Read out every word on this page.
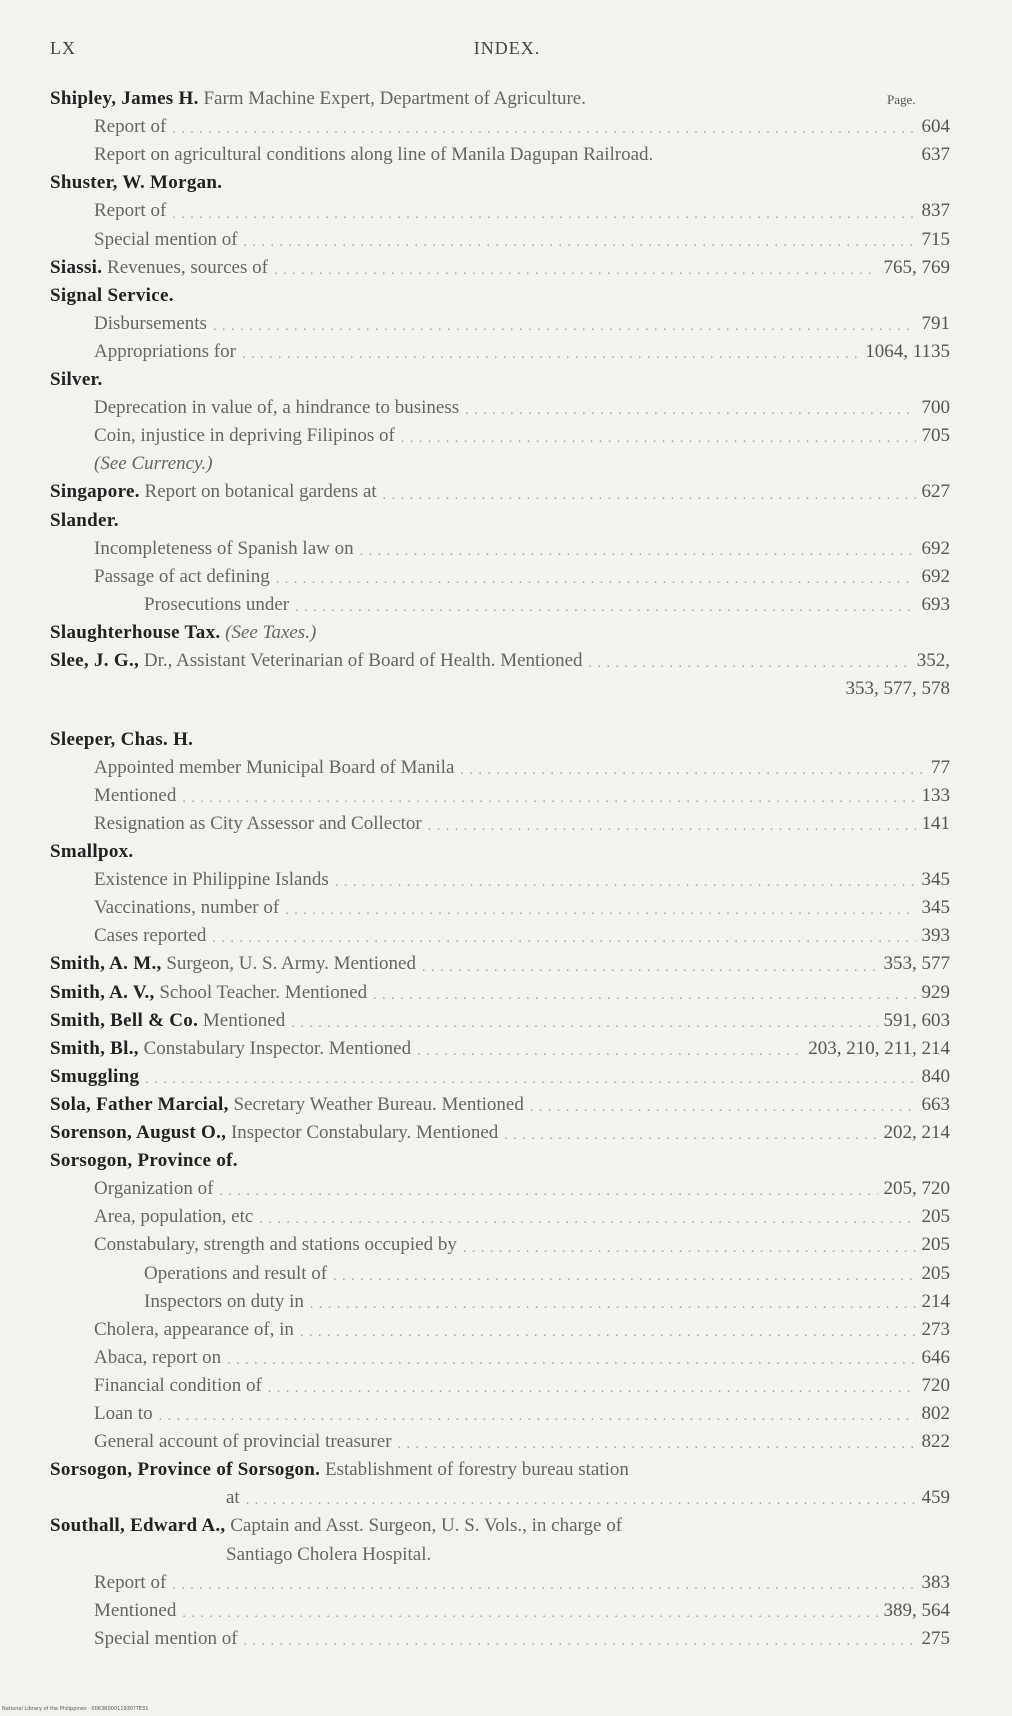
LX	INDEX.
Page.
Shipley, James H. Farm Machine Expert, Department of Agriculture.
Report of . . .	604
Report on agricultural conditions along line of Manila Dagupan Railroad.	637
Shuster, W. Morgan.
Report of . . .	837
Special mention of . . .	715
Siassi. Revenues, sources of . . .	765, 769
Signal Service.
Disbursements . . .	791
Appropriations for . . .	1064, 1135
Silver.
Deprecation in value of, a hindrance to business . . .	700
Coin, injustice in depriving Filipinos of . . .	705
(See Currency.)
Singapore. Report on botanical gardens at . . .	627
Slander.
Incompleteness of Spanish law on . . .	692
Passage of act defining . . .	692
Prosecutions under . . .	693
Slaughterhouse Tax. (See Taxes.)
Slee, J. G., Dr., Assistant Veterinarian of Board of Health. Mentioned . . .	352,
353, 577, 578
Sleeper, Chas. H.
Appointed member Municipal Board of Manila . . .	77
Mentioned . . .	133
Resignation as City Assessor and Collector . . .	141
Smallpox.
Existence in Philippine Islands . . .	345
Vaccinations, number of . . .	345
Cases reported . . .	393
Smith, A. M., Surgeon, U. S. Army. Mentioned . . .	353, 577
Smith, A. V., School Teacher. Mentioned . . .	929
Smith, Bell & Co. Mentioned . . .	591, 603
Smith, Bl., Constabulary Inspector. Mentioned . . .	203, 210, 211, 214
Smuggling . . .	840
Sola, Father Marcial, Secretary Weather Bureau. Mentioned . . .	663
Sorenson, August O., Inspector Constabulary. Mentioned . . .	202, 214
Sorsogon, Province of.
Organization of . . .	205, 720
Area, population, etc . . .	205
Constabulary, strength and stations occupied by . . .	205
Operations and result of . . .	205
Inspectors on duty in . . .	214
Cholera, appearance of, in . . .	273
Abaca, report on . . .	646
Financial condition of . . .	720
Loan to . . .	802
General account of provincial treasurer . . .	822
Sorsogon, Province of Sorsogon. Establishment of forestry bureau station
at . . .	459
Southall, Edward A., Captain and Asst. Surgeon, U. S. Vols., in charge of
Santiago Cholera Hospital.
Report of . . .	383
Mentioned . . .	389, 564
Special mention of . . .	275
National Library of the Philippines · 0063R00011930?7E31
